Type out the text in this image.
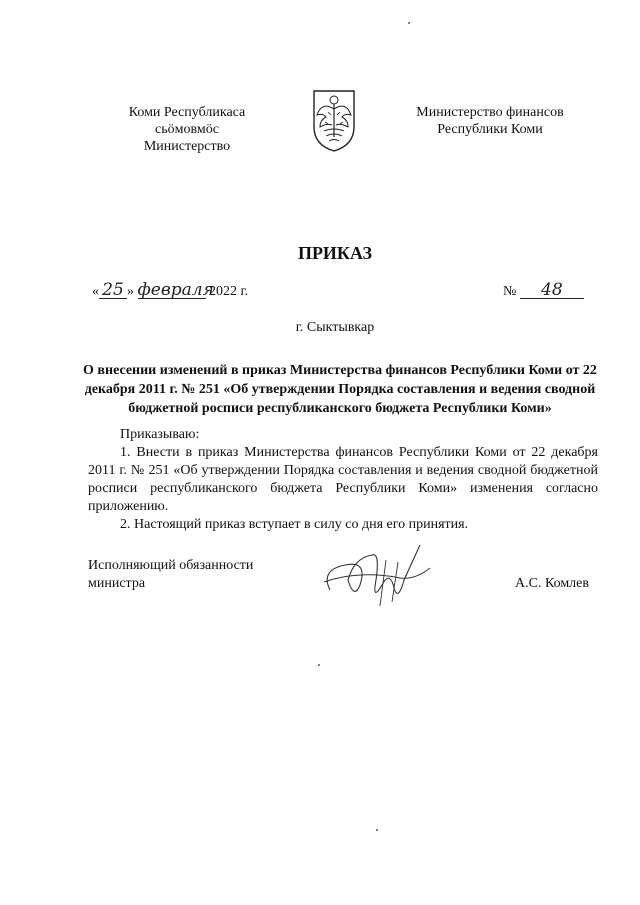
Коми Республикаса
сьӧмовмӧс
Министерство
Министерство финансов
Республики Коми
ПРИКАЗ
« 25 » февраля 2022 г.	№ 48
г. Сыктывкар
О внесении изменений в приказ Министерства финансов Республики Коми от 22 декабря 2011 г. № 251 «Об утверждении Порядка составления и ведения сводной бюджетной росписи республиканского бюджета Республики Коми»

Приказываю:

1. Внести в приказ Министерства финансов Республики Коми от 22 декабря 2011 г. № 251 «Об утверждении Порядка составления и ведения сводной бюджетной росписи республиканского бюджета Республики Коми» изменения согласно приложению.

2. Настоящий приказ вступает в силу со дня его принятия.

Исполняющий обязанности
министра	А.С. Комлев
